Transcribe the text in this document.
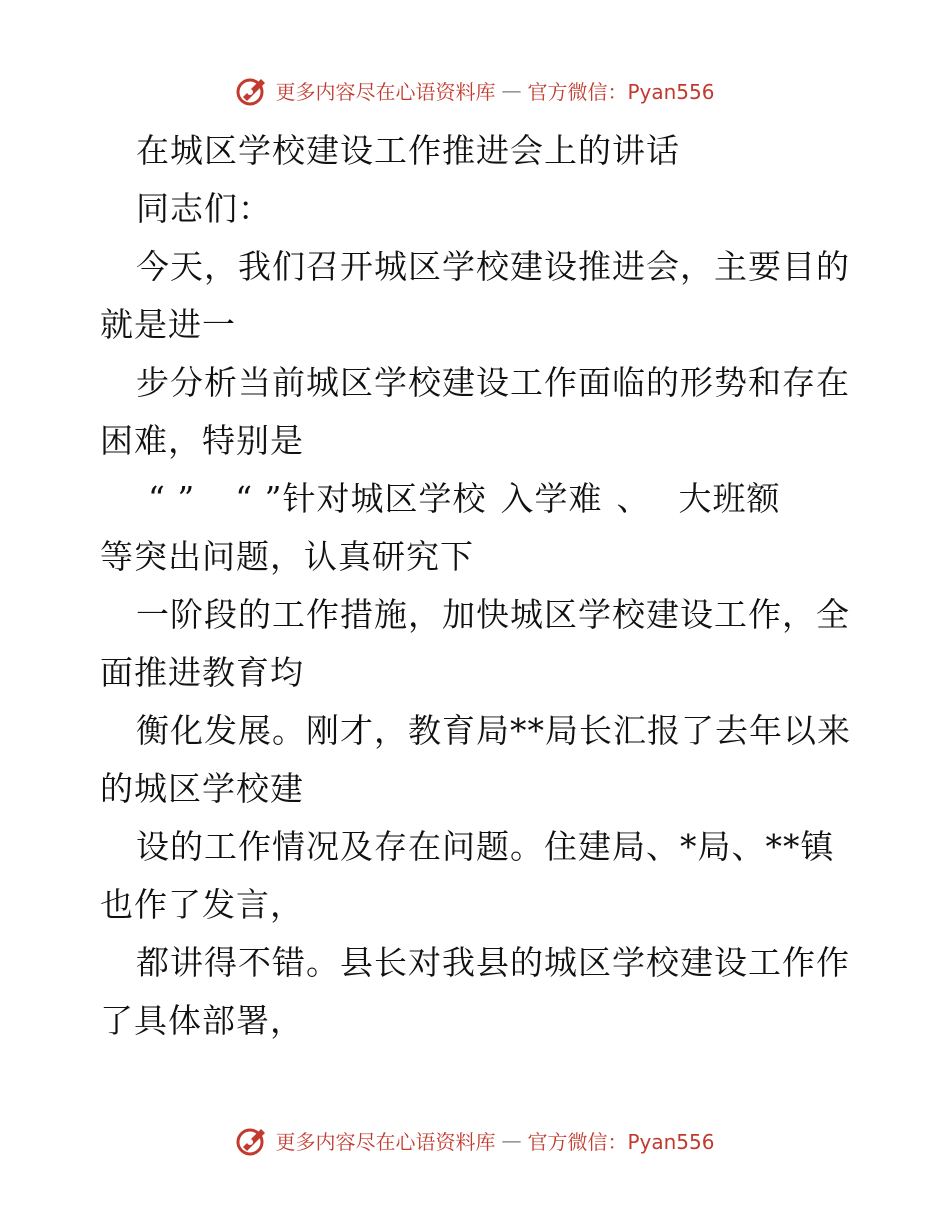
更多内容尽在心语资料库 — 官方微信：Pyan556
在城区学校建设工作推进会上的讲话
同志们：
今天，我们召开城区学校建设推进会，主要目的
就是进一
步分析当前城区学校建设工作面临的形势和存在
困难，特别是
“ ” “ ”针对城区学校 入学难 、 大班额
等突出问题，认真研究下
一阶段的工作措施，加快城区学校建设工作，全
面推进教育均
衡化发展。刚才，教育局**局长汇报了去年以来
的城区学校建
设的工作情况及存在问题。住建局、*局、**镇
也作了发言，
都讲得不错。县长对我县的城区学校建设工作作
了具体部署，
更多内容尽在心语资料库 — 官方微信：Pyan556
